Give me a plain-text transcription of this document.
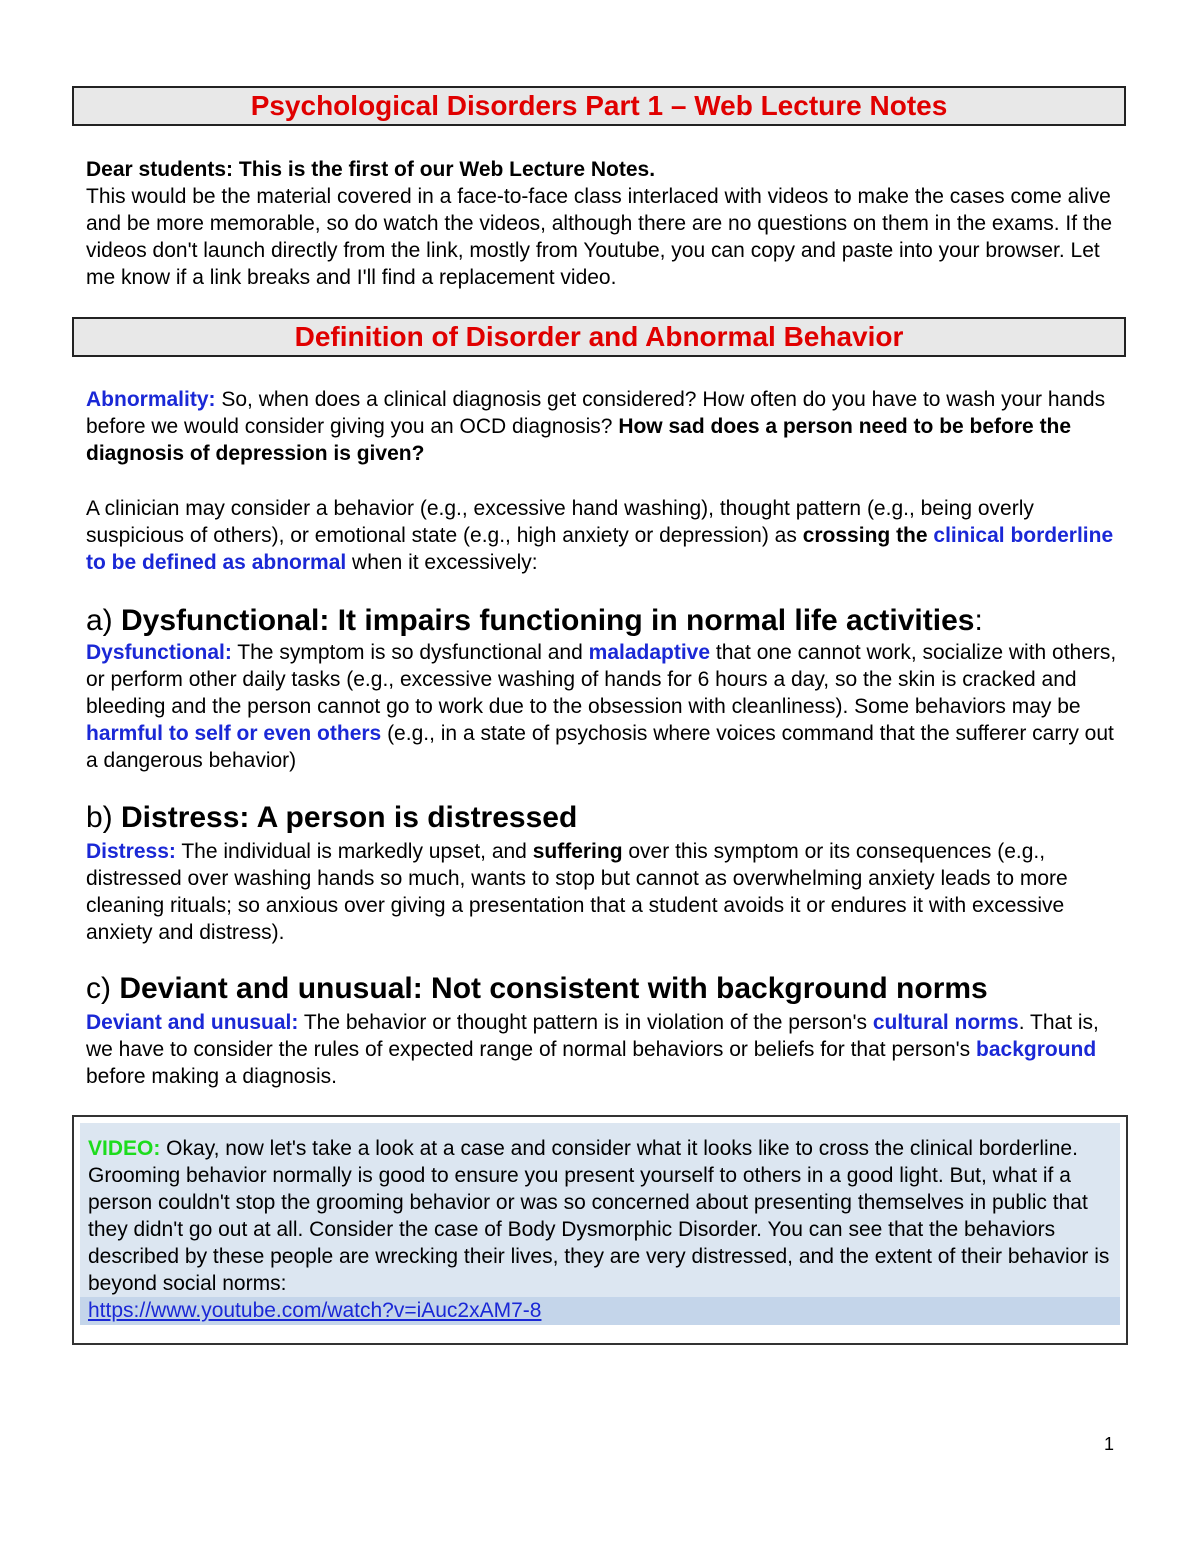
Psychological Disorders Part 1 – Web Lecture Notes
Dear students: This is the first of our Web Lecture Notes.
This would be the material covered in a face-to-face class interlaced with videos to make the cases come alive and be more memorable, so do watch the videos, although there are no questions on them in the exams. If the videos don't launch directly from the link, mostly from Youtube, you can copy and paste into your browser. Let me know if a link breaks and I'll find a replacement video.
Definition of Disorder and Abnormal Behavior
Abnormality: So, when does a clinical diagnosis get considered? How often do you have to wash your hands before we would consider giving you an OCD diagnosis? How sad does a person need to be before the diagnosis of depression is given?
A clinician may consider a behavior (e.g., excessive hand washing), thought pattern (e.g., being overly suspicious of others), or emotional state (e.g., high anxiety or depression) as crossing the clinical borderline to be defined as abnormal when it excessively:
a) Dysfunctional: It impairs functioning in normal life activities:
Dysfunctional: The symptom is so dysfunctional and maladaptive that one cannot work, socialize with others, or perform other daily tasks (e.g., excessive washing of hands for 6 hours a day, so the skin is cracked and bleeding and the person cannot go to work due to the obsession with cleanliness). Some behaviors may be harmful to self or even others (e.g., in a state of psychosis where voices command that the sufferer carry out a dangerous behavior)
b) Distress: A person is distressed
Distress: The individual is markedly upset, and suffering over this symptom or its consequences (e.g., distressed over washing hands so much, wants to stop but cannot as overwhelming anxiety leads to more cleaning rituals; so anxious over giving a presentation that a student avoids it or endures it with excessive anxiety and distress).
c) Deviant and unusual: Not consistent with background norms
Deviant and unusual: The behavior or thought pattern is in violation of the person's cultural norms. That is, we have to consider the rules of expected range of normal behaviors or beliefs for that person's background before making a diagnosis.
VIDEO: Okay, now let's take a look at a case and consider what it looks like to cross the clinical borderline. Grooming behavior normally is good to ensure you present yourself to others in a good light. But, what if a person couldn't stop the grooming behavior or was so concerned about presenting themselves in public that they didn't go out at all. Consider the case of Body Dysmorphic Disorder. You can see that the behaviors described by these people are wrecking their lives, they are very distressed, and the extent of their behavior is beyond social norms:
https://www.youtube.com/watch?v=iAuc2xAM7-8
1
